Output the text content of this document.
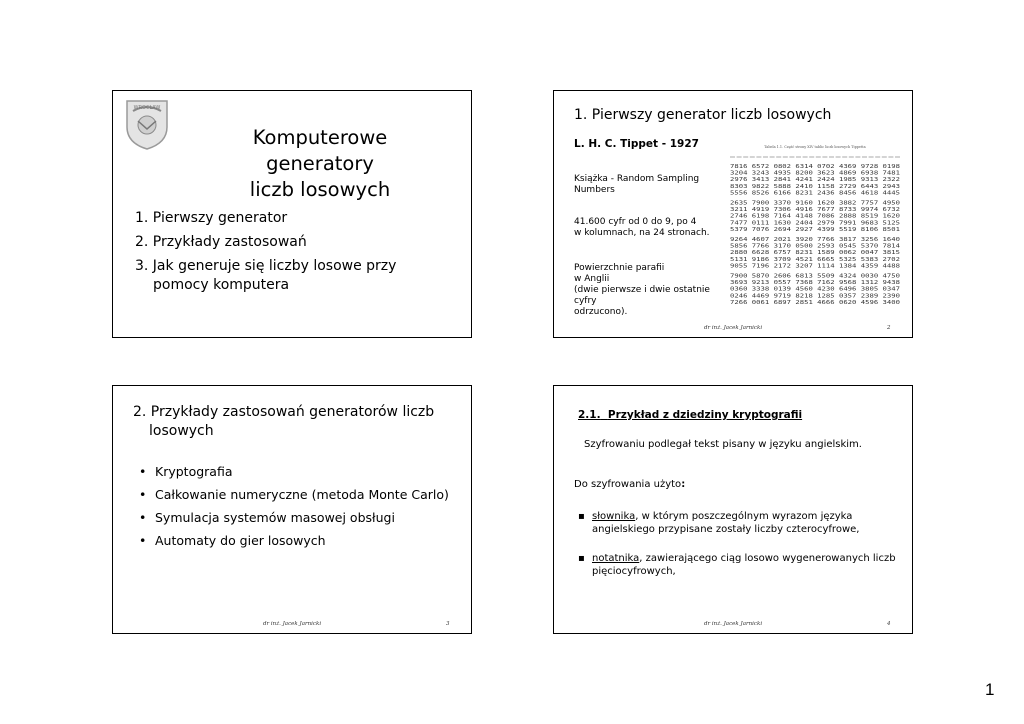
WROCŁAW
Komputerowe generatory
liczb losowych
1. Pierwszy generator
2. Przykłady zastosowań
3. Jak generuje się liczby losowe przy
pomocy komputera
1. Pierwszy generator liczb losowych
L. H. C. Tippet - 1927
Książka - Random Sampling
Numbers
41.600 cyfr od 0 do 9, po 4
w kolumnach, na 24 stronach.
Powierzchnie parafii
w Anglii
(dwie pierwsze i dwie ostatnie cyfry
odrzucono).
Tabela 1.1. Część strony XIV tablic liczb losowych Tippetta
7816 6572 0802 6314 0702 4369 9728 0198
3204 3243 4935 8200 3623 4869 6938 7481
2976 3413 2841 4241 2424 1985 9313 2322
8303 9822 5888 2410 1158 2729 6443 2943
5556 8526 6166 8231 2436 8456 4618 4445
2635 7900 3370 9160 1620 3882 7757 4950
3211 4919 7306 4916 7677 8733 9974 6732
2746 6198 7164 4148 7086 2888 8519 1620
7477 0111 1630 2404 2979 7991 9683 5125
5379 7076 2694 2927 4399 5519 8106 8501
9264 4607 2021 3920 7766 3817 3256 1640
5856 7766 3170 0500 2593 0545 5370 7814
2880 6628 6757 8231 1589 0062 0047 3815
5131 9186 3709 4521 6665 5325 5383 2702
9055 7196 2172 3207 1114 1384 4359 4488
7900 5870 2606 6813 5509 4324 0030 4750
3693 9213 0557 7368 7162 9568 1312 9438
0360 3338 0139 4560 4230 6496 3805 0347
0246 4469 9719 8218 1285 0357 2389 2390
7266 0061 6897 2851 4666 0620 4596 3400
dr inż. Jacek Jarnicki	2
2. Przykłady zastosowań generatorów liczb
losowych
• Kryptografia
• Całkowanie numeryczne (metoda Monte Carlo)
• Symulacja systemów masowej obsługi
• Automaty do gier losowych
dr inż. Jacek Jarnicki	3
2.1. Przykład z dziedziny kryptografii
Szyfrowaniu podlegał tekst pisany w języku angielskim.
Do szyfrowania użyto:
▪ słownika, w którym poszczególnym wyrazom języka
angielskiego przypisane zostały liczby czterocyfrowe,
▪ notatnika, zawierającego ciąg losowo wygenerowanych liczb
pięciocyfrowych,
dr inż. Jacek Jarnicki	4
1
